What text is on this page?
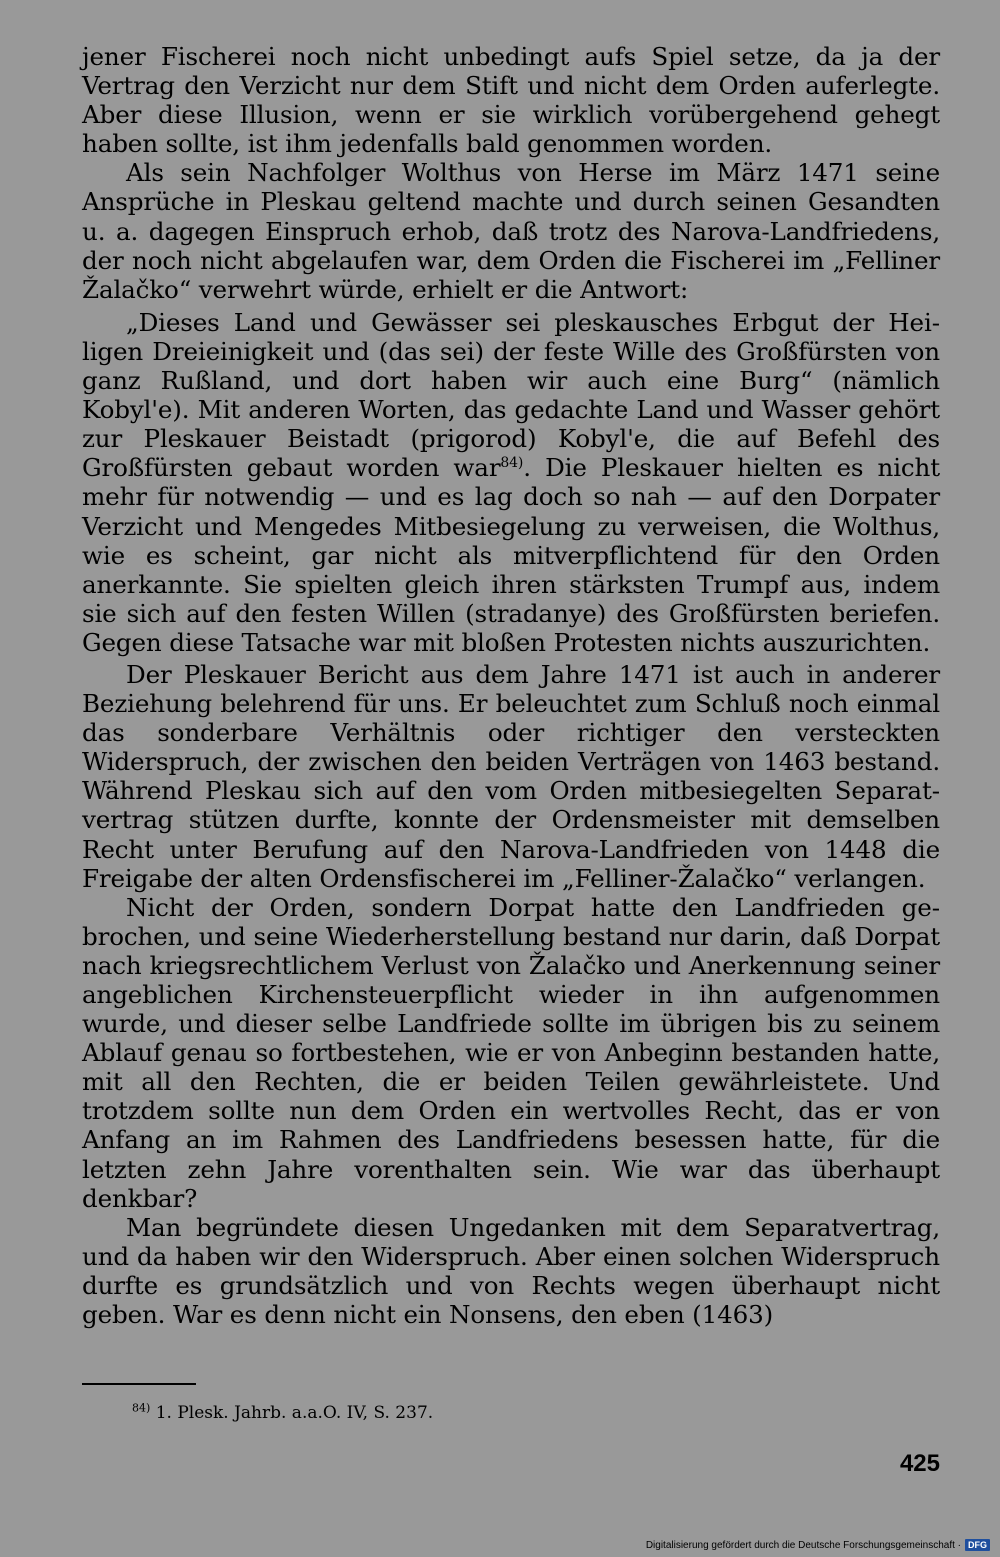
jener Fischerei noch nicht unbedingt aufs Spiel setze, da ja der Vertrag den Verzicht nur dem Stift und nicht dem Orden auferlegte. Aber diese Illusion, wenn er sie wirklich vorübergehend gehegt haben sollte, ist ihm jedenfalls bald genommen worden.

Als sein Nachfolger Wolthus von Herse im März 1471 seine Ansprüche in Pleskau geltend machte und durch seinen Gesandten u. a. dagegen Einspruch erhob, daß trotz des Narova-Landfriedens, der noch nicht abgelaufen war, dem Orden die Fischerei im „Felliner Žalačko“ verwehrt würde, erhielt er die Antwort:

„Dieses Land und Gewässer sei pleskausches Erbgut der Heiligen Dreieinigkeit und (das sei) der feste Wille des Großfürsten von ganz Rußland, und dort haben wir auch eine Burg“ (nämlich Kobyl'e). Mit anderen Worten, das gedachte Land und Wasser gehört zur Pleskauer Beistadt (prigorod) Kobyl'e, die auf Befehl des Großfürsten gebaut worden war$^{84)}$. Die Pleskauer hielten es nicht mehr für notwendig — und es lag doch so nah — auf den Dorpater Verzicht und Mengedes Mitbesiegelung zu verweisen, die Wolthus, wie es scheint, gar nicht als mitverpflichtend für den Orden anerkannte. Sie spielten gleich ihren stärksten Trumpf aus, indem sie sich auf den festen Willen (stradanye) des Großfürsten beriefen. Gegen diese Tatsache war mit bloßen Protesten nichts auszurichten.

Der Pleskauer Bericht aus dem Jahre 1471 ist auch in anderer Beziehung belehrend für uns. Er beleuchtet zum Schluß noch einmal das sonderbare Verhältnis oder richtiger den versteckten Widerspruch, der zwischen den beiden Verträgen von 1463 bestand. Während Pleskau sich auf den vom Orden mitbesiegelten Separatvertrag stützen durfte, konnte der Ordensmeister mit demselben Recht unter Berufung auf den Narova-Landfrieden von 1448 die Freigabe der alten Ordensfischerei im „Felliner-Žalačko“ verlangen.

Nicht der Orden, sondern Dorpat hatte den Landfrieden gebrochen, und seine Wiederherstellung bestand nur darin, daß Dorpat nach kriegsrechtlichem Verlust von Žalačko und Anerkennung seiner angeblichen Kirchensteuerpflicht wieder in ihn aufgenommen wurde, und dieser selbe Landfriede sollte im übrigen bis zu seinem Ablauf genau so fortbestehen, wie er von Anbeginn bestanden hatte, mit all den Rechten, die er beiden Teilen gewährleistete. Und trotzdem sollte nun dem Orden ein wertvolles Recht, das er von Anfang an im Rahmen des Landfriedens besessen hatte, für die letzten zehn Jahre vorenthalten sein. Wie war das überhaupt denkbar?

Man begründete diesen Ungedanken mit dem Separatvertrag, und da haben wir den Widerspruch. Aber einen solchen Widerspruch durfte es grundsätzlich und von Rechts wegen überhaupt nicht geben. War es denn nicht ein Nonsens, den eben (1463)

$^{84)}$ 1. Plesk. Jahrb. a.a.O. IV, S. 237.
425
Digitalisierung gefördert durch die Deutsche Forschungsgemeinschaft · DFG
